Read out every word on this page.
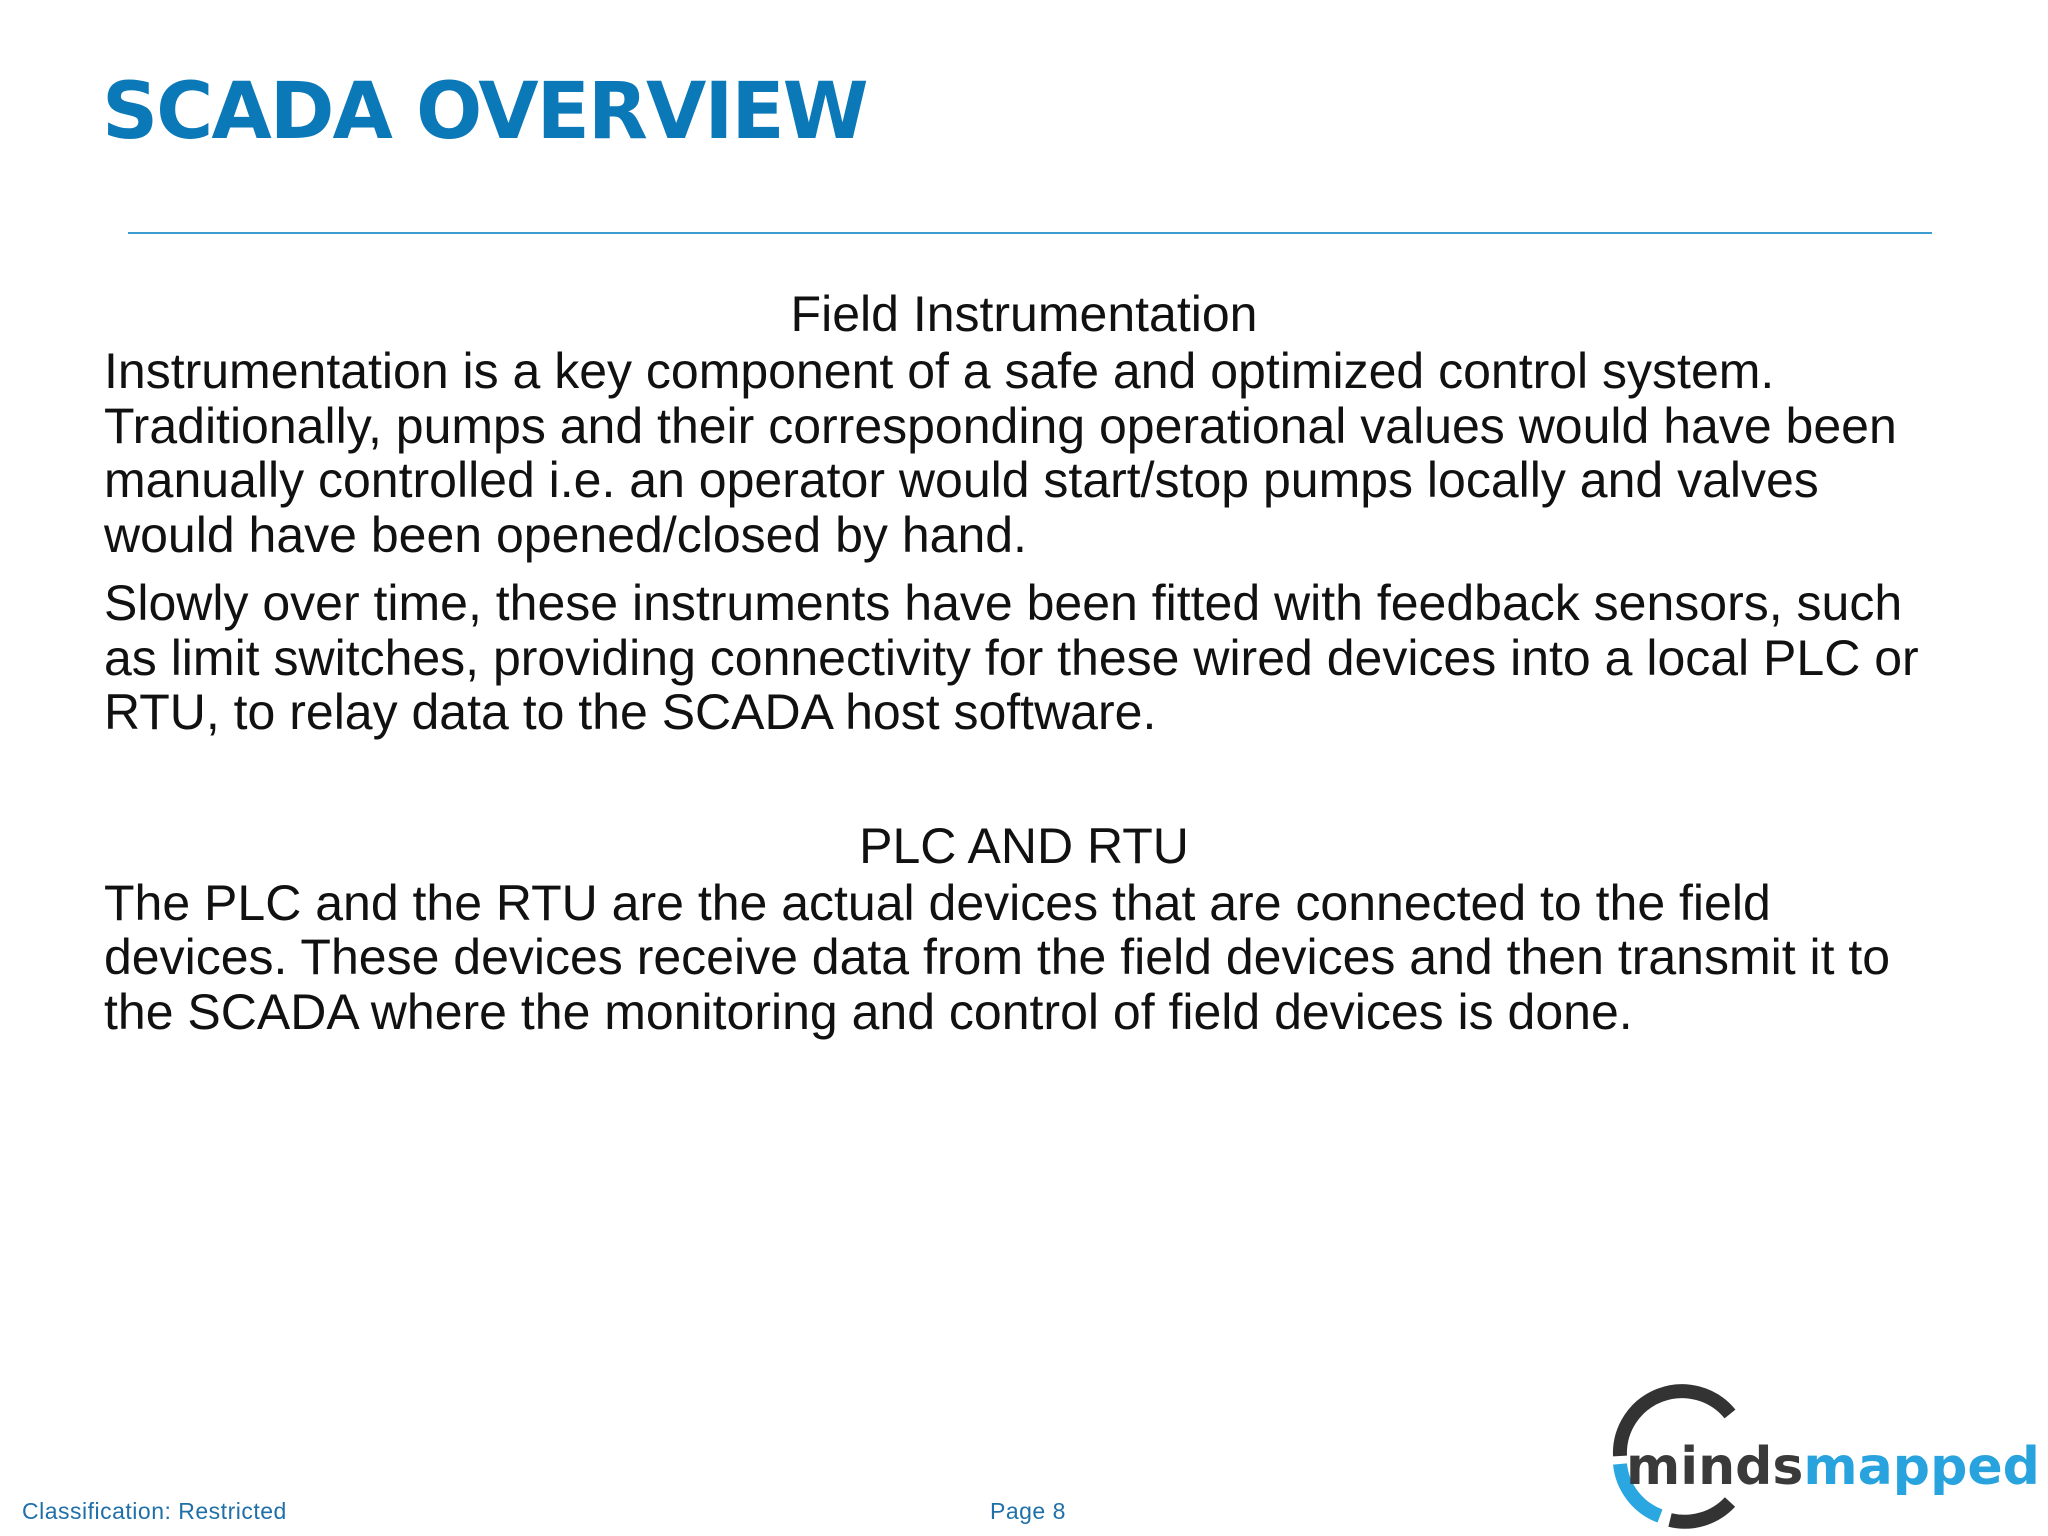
SCADA OVERVIEW
Field Instrumentation

Instrumentation is a key component of a safe and optimized control system. Traditionally, pumps and their corresponding operational values would have been manually controlled i.e. an operator would start/stop pumps locally and valves would have been opened/closed by hand.

Slowly over time, these instruments have been fitted with feedback sensors, such as limit switches, providing connectivity for these wired devices into a local PLC or RTU, to relay data to the SCADA host software.

PLC AND RTU

The PLC and the RTU are the actual devices that are connected to the field devices. These devices receive data from the field devices and then transmit it to the SCADA where the monitoring and control of field devices is done.

Classification: Restricted	Page 8
minds mapped
